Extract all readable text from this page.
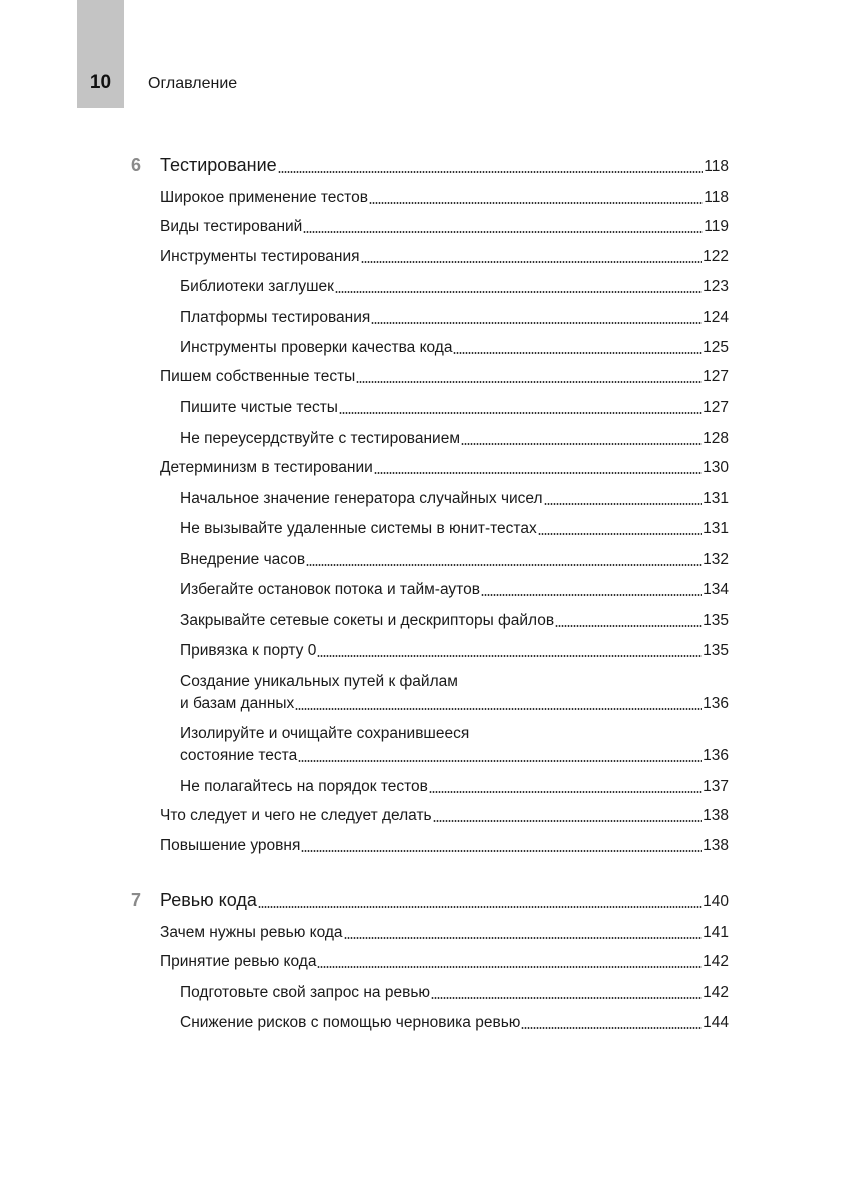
10	Оглавление
6	Тестирование	118
Широкое применение тестов	118
Виды тестирований	119
Инструменты тестирования	122
Библиотеки заглушек	123
Платформы тестирования	124
Инструменты проверки качества кода	125
Пишем собственные тесты	127
Пишите чистые тесты	127
Не переусердствуйте с тестированием	128
Детерминизм в тестировании	130
Начальное значение генератора случайных чисел	131
Не вызывайте удаленные системы в юнит-тестах	131
Внедрение часов	132
Избегайте остановок потока и тайм-аутов	134
Закрывайте сетевые сокеты и дескрипторы файлов	135
Привязка к порту 0	135
Создание уникальных путей к файлам
и базам данных	136
Изолируйте и очищайте сохранившееся
состояние теста	136
Не полагайтесь на порядок тестов	137
Что следует и чего не следует делать	138
Повышение уровня	138
7	Ревью кода	140
Зачем нужны ревью кода	141
Принятие ревью кода	142
Подготовьте свой запрос на ревью	142
Снижение рисков с помощью черновика ревью	144
